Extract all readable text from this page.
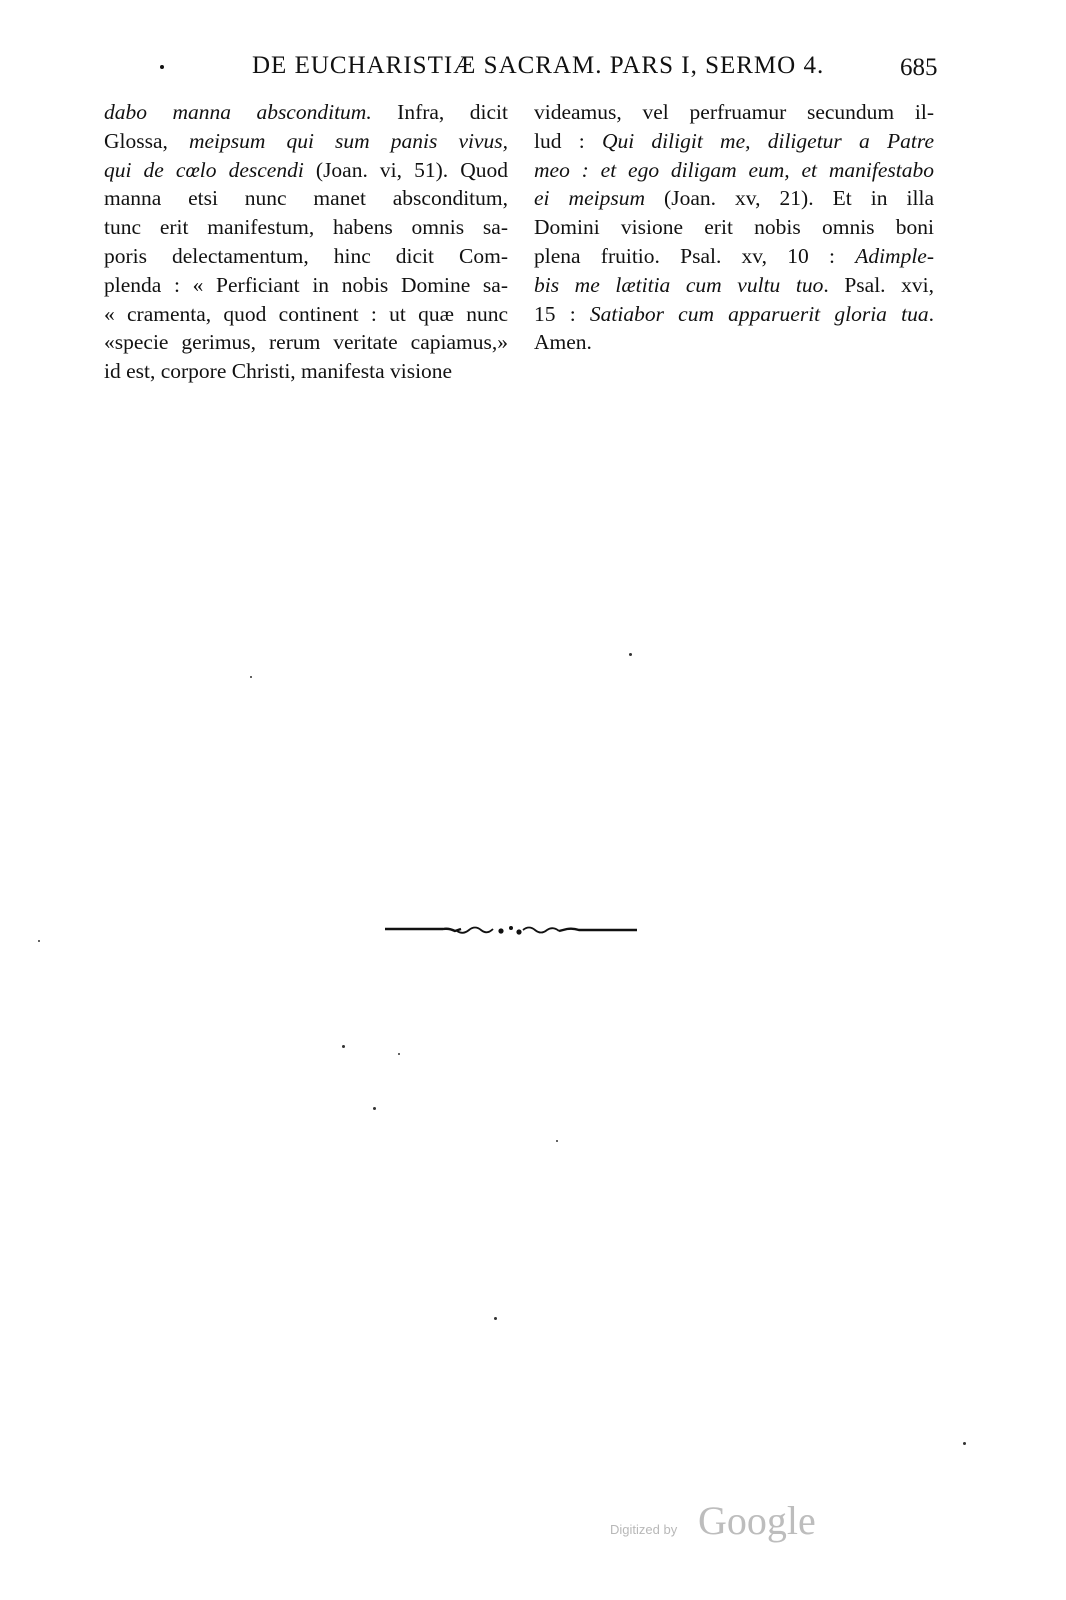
DE EUCHARISTIÆ SACRAM. PARS I, SERMO 4.	685
dabo manna absconditum. Infra, dicit
Glossa, meipsum qui sum panis vivus,
qui de cœlo descendi (Joan. vi, 51). Quod
manna etsi nunc manet absconditum,
tunc erit manifestum, habens omnis sa-
poris delectamentum, hinc dicit Com-
plenda : « Perficiant in nobis Domine sa-
« cramenta, quod continent : ut quæ nunc
«specie gerimus, rerum veritate capiamus,»
id est, corpore Christi, manifesta visione
videamus, vel perfruamur secundum il-
lud : Qui diligit me, diligetur a Patre
meo : et ego diligam eum, et manifestabo
ei meipsum (Joan. xv, 21). Et in illa
Domini visione erit nobis omnis boni
plena fruitio. Psal. xv, 10 : Adimple-
bis me lætitia cum vultu tuo. Psal. xvi,
15 : Satiabor cum apparuerit gloria tua.
Amen.
Digitized by Google
